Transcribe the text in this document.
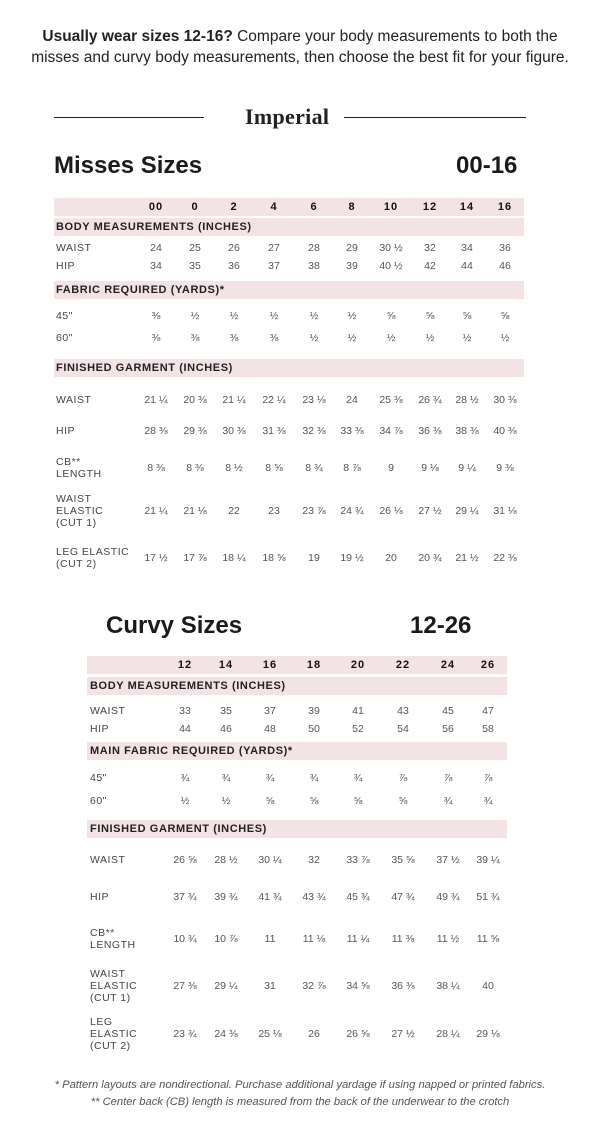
Usually wear sizes 12-16? Compare your body measurements to both the
misses and curvy body measurements, then choose the best fit for your figure.
Imperial
Misses Sizes	00-16
00	0	2	4	6	8	10	12	14	16
BODY MEASUREMENTS (INCHES)
WAIST	24	25	26	27	28	29	30 ½	32	34	36
HIP	34	35	36	37	38	39	40 ½	42	44	46
FABRIC REQUIRED (YARDS)*
45"	⅜	½	½	½	½	½	⅝	⅝	⅝	⅝
60"	⅜	⅜	⅜	⅜	½	½	½	½	½	½
FINISHED GARMENT (INCHES)
WAIST	21 ¼	20 ⅜	21 ¼	22 ¼	23 ⅛	24	25 ⅜	26 ¾	28 ½	30 ⅜
HIP	28 ⅜	29 ⅜	30 ⅜	31 ⅜	32 ⅜	33 ⅜	34 ⅞	36 ⅜	38 ⅜	40 ⅜
CB**
LENGTH	8 ⅜	8 ⅜	8 ½	8 ⅝	8 ¾	8 ⅞	9	9 ⅛	9 ¼	9 ⅜
WAIST
ELASTIC
(CUT 1)
21 ¼	21 ⅛	22	23	23 ⅞	24 ¾	26 ⅛	27 ½	29 ¼	31 ⅛
LEG ELASTIC
(CUT 2)	17 ½	17 ⅞	18 ¼	18 ⅝	19	19 ½	20	20 ¾	21 ½	22 ⅜
Curvy Sizes	12-26
12	14	16	18	20	22	24	26
BODY MEASUREMENTS (INCHES)
WAIST	33	35	37	39	41	43	45	47
HIP	44	46	48	50	52	54	56	58
MAIN FABRIC REQUIRED (YARDS)*
45"	¾	¾	¾	¾	¾	⅞	⅞	⅞
60"	½	½	⅝	⅝	⅝	⅝	¾	¾
FINISHED GARMENT (INCHES)
WAIST	26 ⅝	28 ½	30 ¼	32	33 ⅞	35 ⅝	37 ½	39 ¼
HIP	37 ¾	39 ¾	41 ¾	43 ¾	45 ¾	47 ¾	49 ¾	51 ¾
CB**
LENGTH	10 ¾	10 ⅞	11	11 ⅛	11 ¼	11 ⅜	11 ½	11 ⅝
WAIST
ELASTIC
(CUT 1)
27 ⅜	29 ¼	31	32 ⅞	34 ⅝	36 ⅜	38 ¼	40
LEG
ELASTIC
(CUT 2)
23 ¾	24 ⅜	25 ⅛	26	26 ⅝	27 ½	28 ¼	29 ⅛
* Pattern layouts are nondirectional. Purchase additional yardage if using napped or printed fabrics.
** Center back (CB) length is measured from the back of the underwear to the crotch
